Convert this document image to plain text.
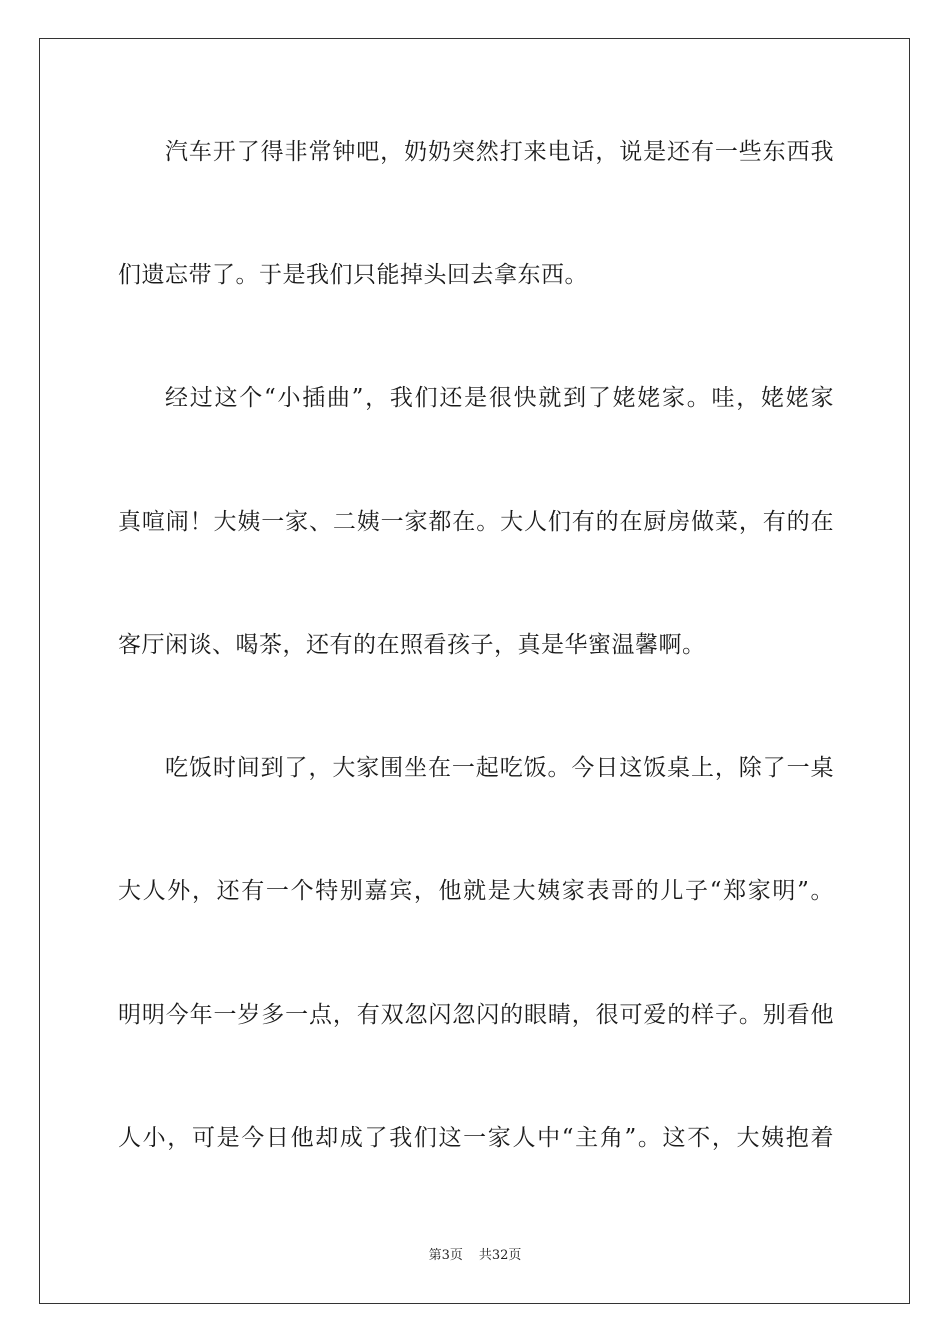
汽车开了得非常钟吧，奶奶突然打来电话，说是还有一些东西我
们遗忘带了。于是我们只能掉头回去拿东西。
经过这个“小插曲”，我们还是很快就到了姥姥家。哇，姥姥家
真喧闹！大姨一家、二姨一家都在。大人们有的在厨房做菜，有的在
客厅闲谈、喝茶，还有的在照看孩子，真是华蜜温馨啊。
吃饭时间到了，大家围坐在一起吃饭。今日这饭桌上，除了一桌
大人外，还有一个特别嘉宾，他就是大姨家表哥的儿子“郑家明”。
明明今年一岁多一点，有双忽闪忽闪的眼睛，很可爱的样子。别看他
人小，可是今日他却成了我们这一家人中“主角”。这不，大姨抱着
第3页 共32页
